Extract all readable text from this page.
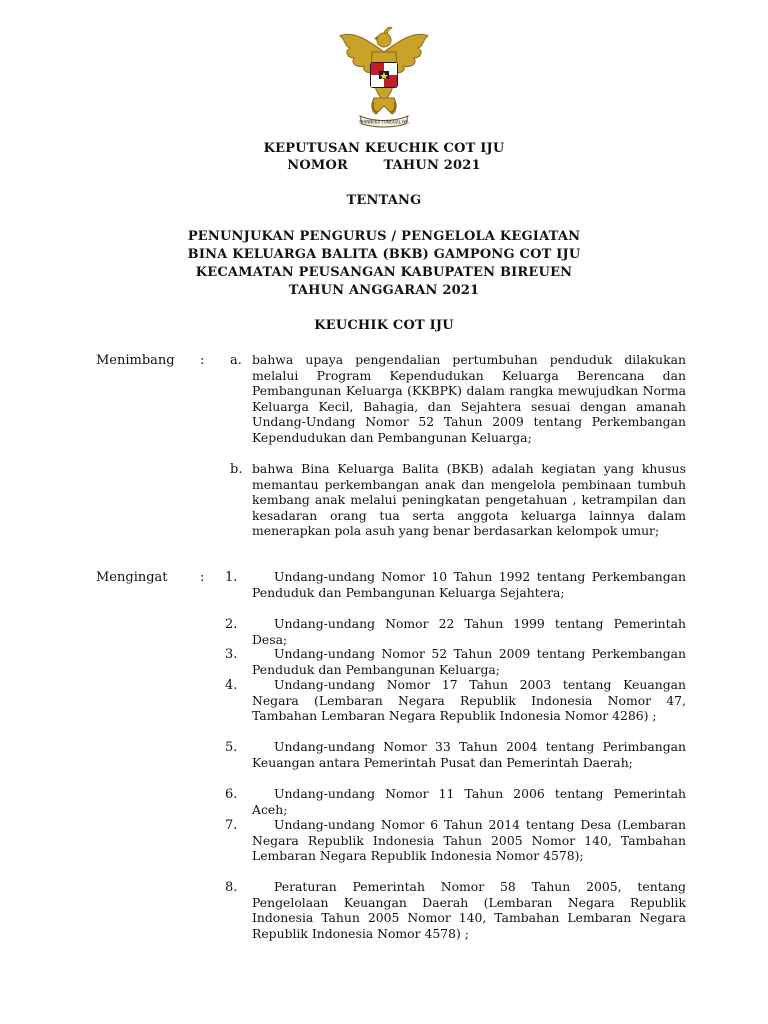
BHINNEKA TUNGGAL IKA
KEPUTUSAN KEUCHIK COT IJU
NOMOR	TAHUN 2021
TENTANG
PENUNJUKAN PENGURUS / PENGELOLA KEGIATAN
BINA KELUARGA BALITA (BKB) GAMPONG COT IJU
KECAMATAN PEUSANGAN KABUPATEN BIREUEN
TAHUN ANGGARAN 2021
KEUCHIK COT IJU
Menimbang : a. bahwa upaya pengendalian pertumbuhan penduduk dilakukan melalui Program Kependudukan Keluarga Berencana dan Pembangunan Keluarga (KKBPK) dalam rangka mewujudkan Norma Keluarga Kecil, Bahagia, dan Sejahtera sesuai dengan amanah Undang-Undang Nomor 52 Tahun 2009 tentang Perkembangan Kependudukan dan Pembangunan Keluarga;

b. bahwa Bina Keluarga Balita (BKB) adalah kegiatan yang khusus memantau perkembangan anak dan mengelola pembinaan tumbuh kembang anak melalui peningkatan pengetahuan , ketrampilan dan kesadaran orang tua serta anggota keluarga lainnya dalam menerapkan pola asuh yang benar berdasarkan kelompok umur;

Mengingat : 1.	Undang-undang Nomor 10 Tahun 1992 tentang Perkembangan Penduduk dan Pembangunan Keluarga Sejahtera;

2.	Undang-undang Nomor 22 Tahun 1999 tentang Pemerintah Desa;

3.	Undang-undang Nomor 52 Tahun 2009 tentang Perkembangan Penduduk dan Pembangunan Keluarga;

4.	Undang-undang Nomor 17 Tahun 2003 tentang Keuangan Negara (Lembaran Negara Republik Indonesia Nomor 47, Tambahan Lembaran Negara Republik Indonesia Nomor 4286) ;

5.	Undang-undang Nomor 33 Tahun 2004 tentang Perimbangan Keuangan antara Pemerintah Pusat dan Pemerintah Daerah;

6.	Undang-undang Nomor 11 Tahun 2006 tentang Pemerintah Aceh;

7.	Undang-undang Nomor 6 Tahun 2014 tentang Desa (Lembaran Negara Republik Indonesia Tahun 2005 Nomor 140, Tambahan Lembaran Negara Republik Indonesia Nomor 4578);

8.	Peraturan Pemerintah Nomor 58 Tahun 2005, tentang Pengelolaan Keuangan Daerah (Lembaran Negara Republik Indonesia Tahun 2005 Nomor 140, Tambahan Lembaran Negara Republik Indonesia Nomor 4578) ;
